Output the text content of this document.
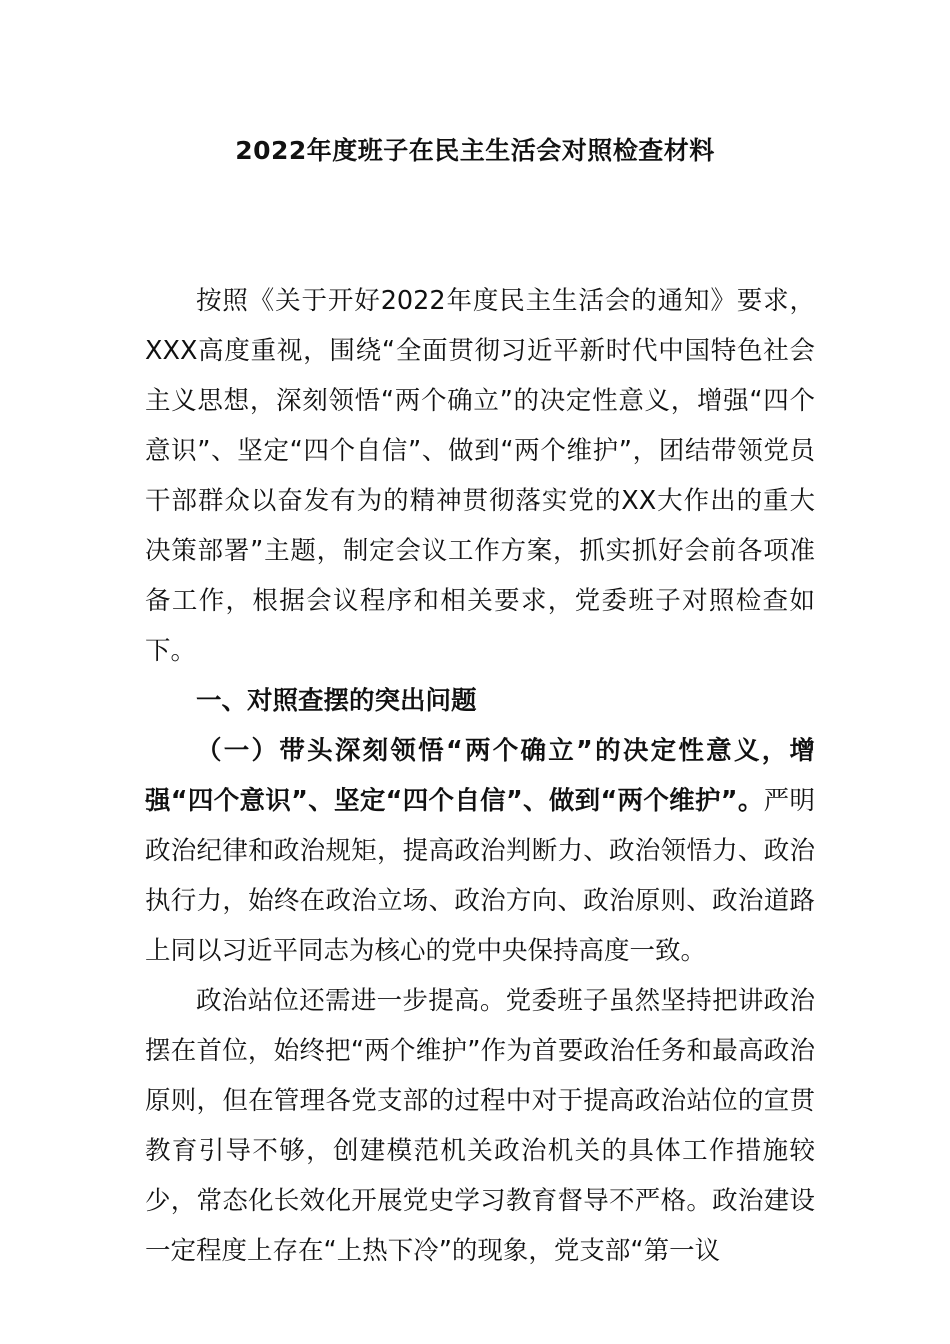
2022年度班子在民主生活会对照检查材料

按照《关于开好2022年度民主生活会的通知》要求，XXX高度重视，围绕“全面贯彻习近平新时代中国特色社会主义思想，深刻领悟“两个确立”的决定性意义，增强“四个意识”、坚定“四个自信”、做到“两个维护”，团结带领党员干部群众以奋发有为的精神贯彻落实党的XX大作出的重大决策部署”主题，制定会议工作方案，抓实抓好会前各项准备工作，根据会议程序和相关要求，党委班子对照检查如下。

一、对照查摆的突出问题

（一）带头深刻领悟“两个确立”的决定性意义，增强“四个意识”、坚定“四个自信”、做到“两个维护”。严明政治纪律和政治规矩，提高政治判断力、政治领悟力、政治执行力，始终在政治立场、政治方向、政治原则、政治道路上同以习近平同志为核心的党中央保持高度一致。

政治站位还需进一步提高。党委班子虽然坚持把讲政治摆在首位，始终把“两个维护”作为首要政治任务和最高政治原则，但在管理各党支部的过程中对于提高政治站位的宣贯教育引导不够，创建模范机关政治机关的具体工作措施较少，常态化长效化开展党史学习教育督导不严格。政治建设一定程度上存在“上热下冷”的现象，党支部“第一议
